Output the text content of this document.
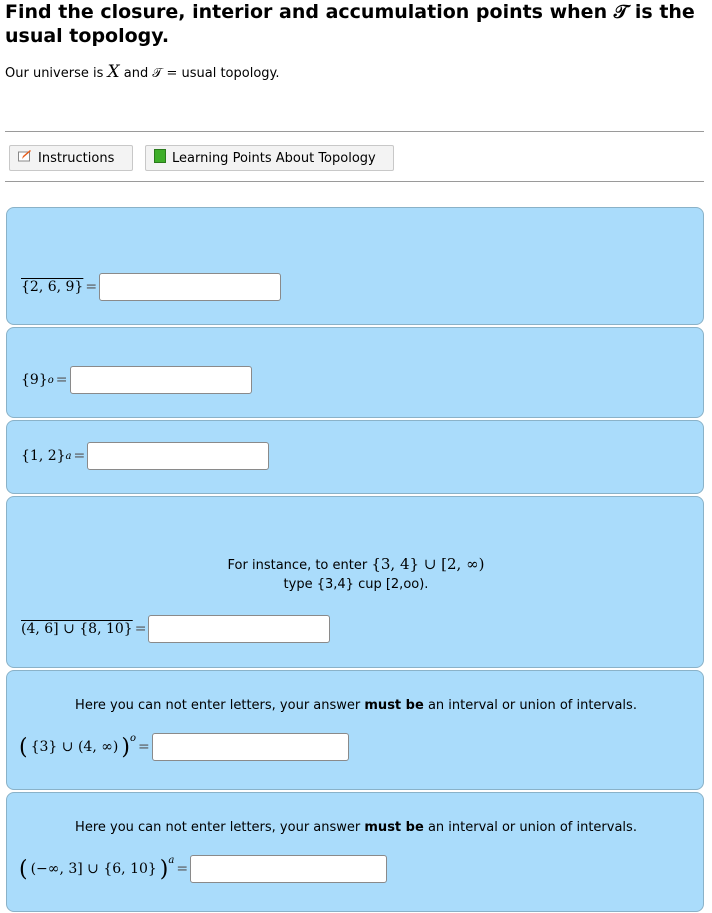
Find the closure, interior and accumulation points when 𝒯 is the usual topology.
Our universe is X and 𝒯 = usual topology.
Instructions	Learning Points About Topology
{2, 6, 9} =
{9} o =
{1, 2} a =
For instance, to enter {3, 4} ∪ [2, ∞)
type {3,4} cup [2,oo).
(4, 6] ∪ {8, 10} =
Here you can not enter letters, your answer must be an interval or union of intervals.
( {3} ∪ (4, ∞) )$^o$
=
Here you can not enter letters, your answer must be an interval or union of intervals.
( (−∞, 3] ∪ {6, 10} )$^a$
=
